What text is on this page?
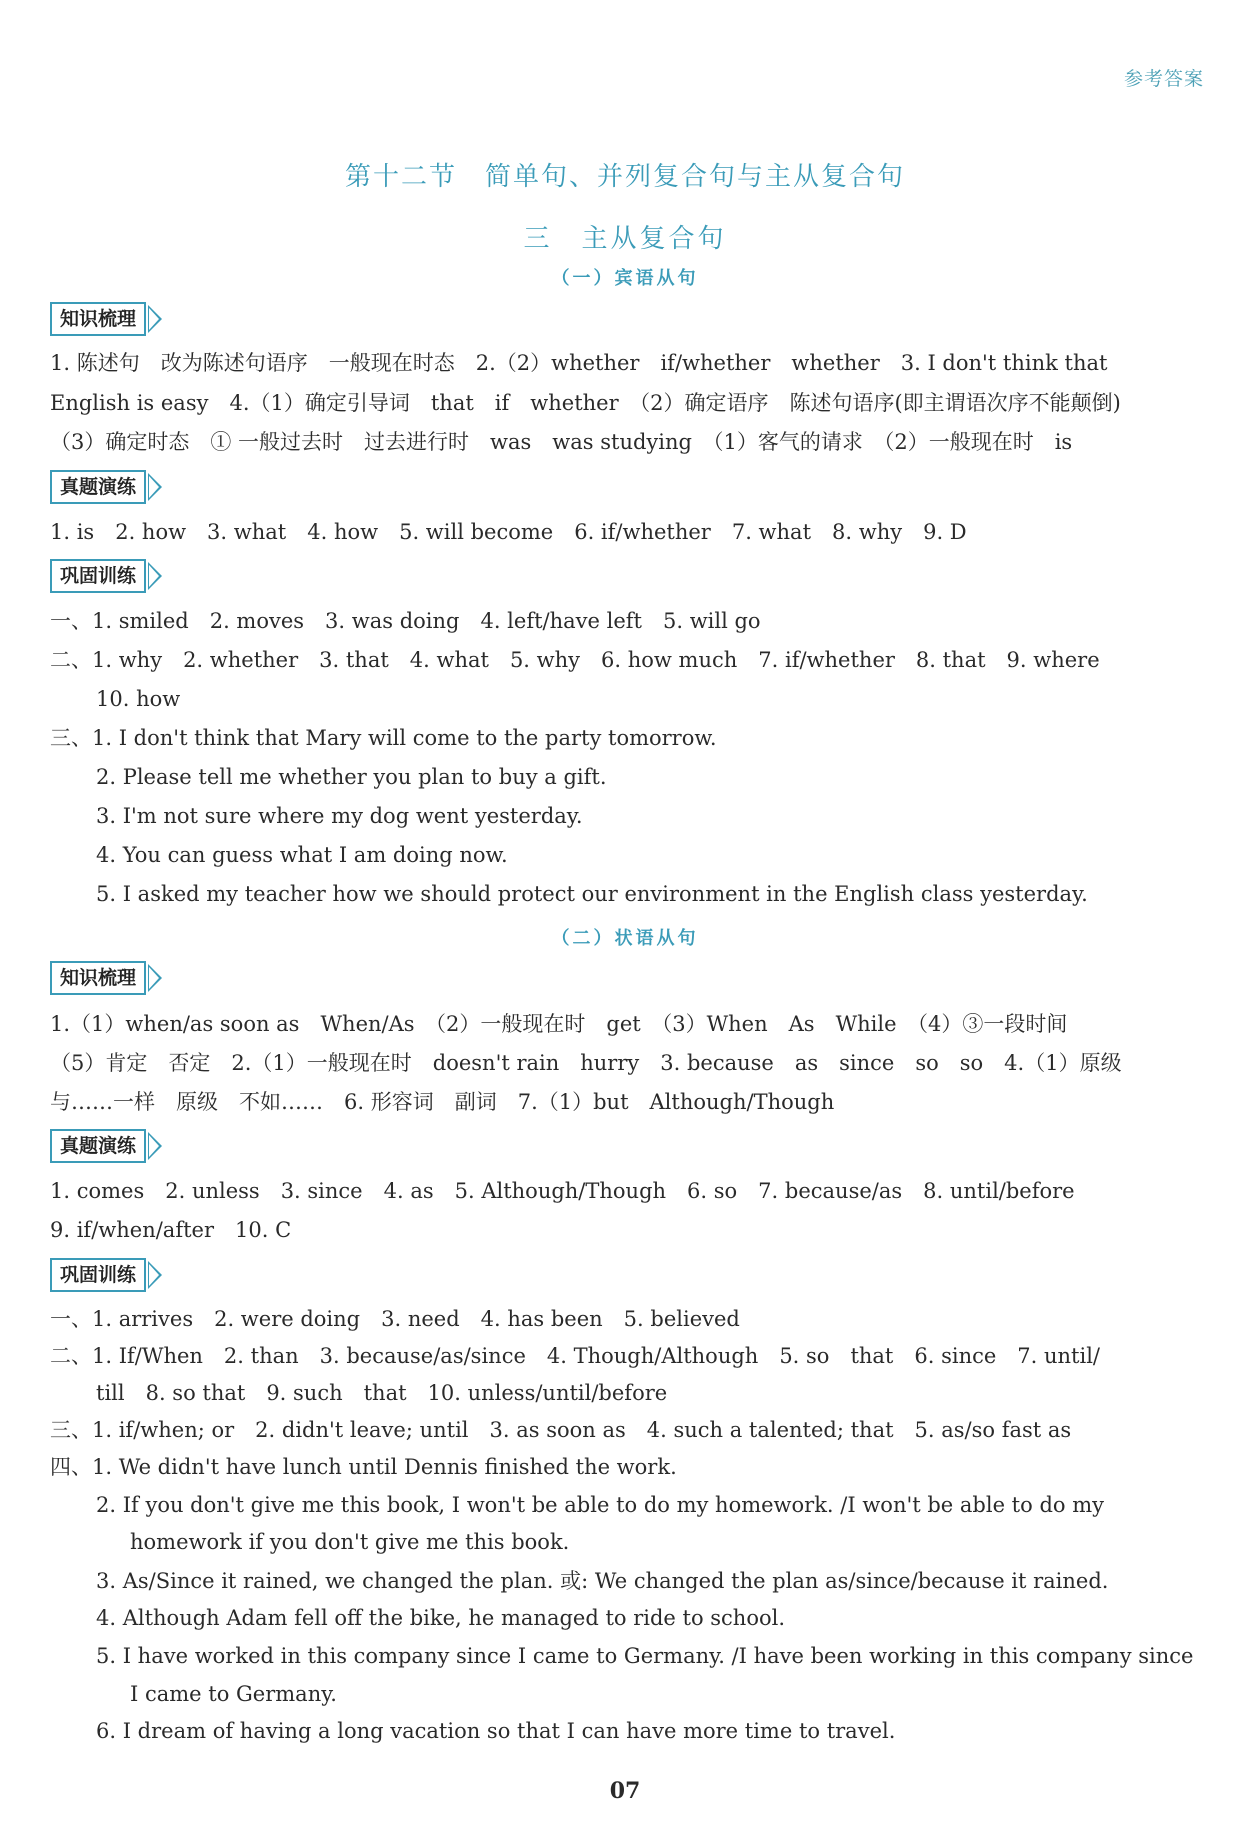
参考答案
第十二节　简单句、并列复合句与主从复合句
三　主从复合句
（一）宾语从句
知识梳理
1. 陈述句　改为陈述句语序　一般现在时态　2.（2）whether　if/whether　whether　3. I don't think that
English is easy　4.（1）确定引导词　that　if　whether　（2）确定语序　陈述句语序(即主谓语次序不能颠倒)
（3）确定时态　① 一般过去时　过去进行时　was　was studying　（1）客气的请求　（2）一般现在时　is
真题演练
1. is　2. how　3. what　4. how　5. will become　6. if/whether　7. what　8. why　9. D
巩固训练
一、1. smiled　2. moves　3. was doing　4. left/have left　5. will go
二、1. why　2. whether　3. that　4. what　5. why　6. how much　7. if/whether　8. that　9. where
10. how
三、1. I don't think that Mary will come to the party tomorrow.
2. Please tell me whether you plan to buy a gift.
3. I'm not sure where my dog went yesterday.
4. You can guess what I am doing now.
5. I asked my teacher how we should protect our environment in the English class yesterday.
（二）状语从句
知识梳理
1.（1）when/as soon as　When/As　（2）一般现在时　get　（3）When　As　While　（4）③一段时间
（5）肯定　否定　2.（1）一般现在时　doesn't rain　hurry　3. because　as　since　so　so　4.（1）原级
与……一样　原级　不如……　6. 形容词　副词　7.（1）but　Although/Though
真题演练
1. comes　2. unless　3. since　4. as　5. Although/Though　6. so　7. because/as　8. until/before
9. if/when/after　10. C
巩固训练
一、1. arrives　2. were doing　3. need　4. has been　5. believed
二、1. If/When　2. than　3. because/as/since　4. Though/Although　5. so　that　6. since　7. until/
till　8. so that　9. such　that　10. unless/until/before
三、1. if/when; or　2. didn't leave; until　3. as soon as　4. such a talented; that　5. as/so fast as
四、1. We didn't have lunch until Dennis finished the work.
2. If you don't give me this book, I won't be able to do my homework. /I won't be able to do my
homework if you don't give me this book.
3. As/Since it rained, we changed the plan. 或: We changed the plan as/since/because it rained.
4. Although Adam fell off the bike, he managed to ride to school.
5. I have worked in this company since I came to Germany. /I have been working in this company since
I came to Germany.
6. I dream of having a long vacation so that I can have more time to travel.
07
